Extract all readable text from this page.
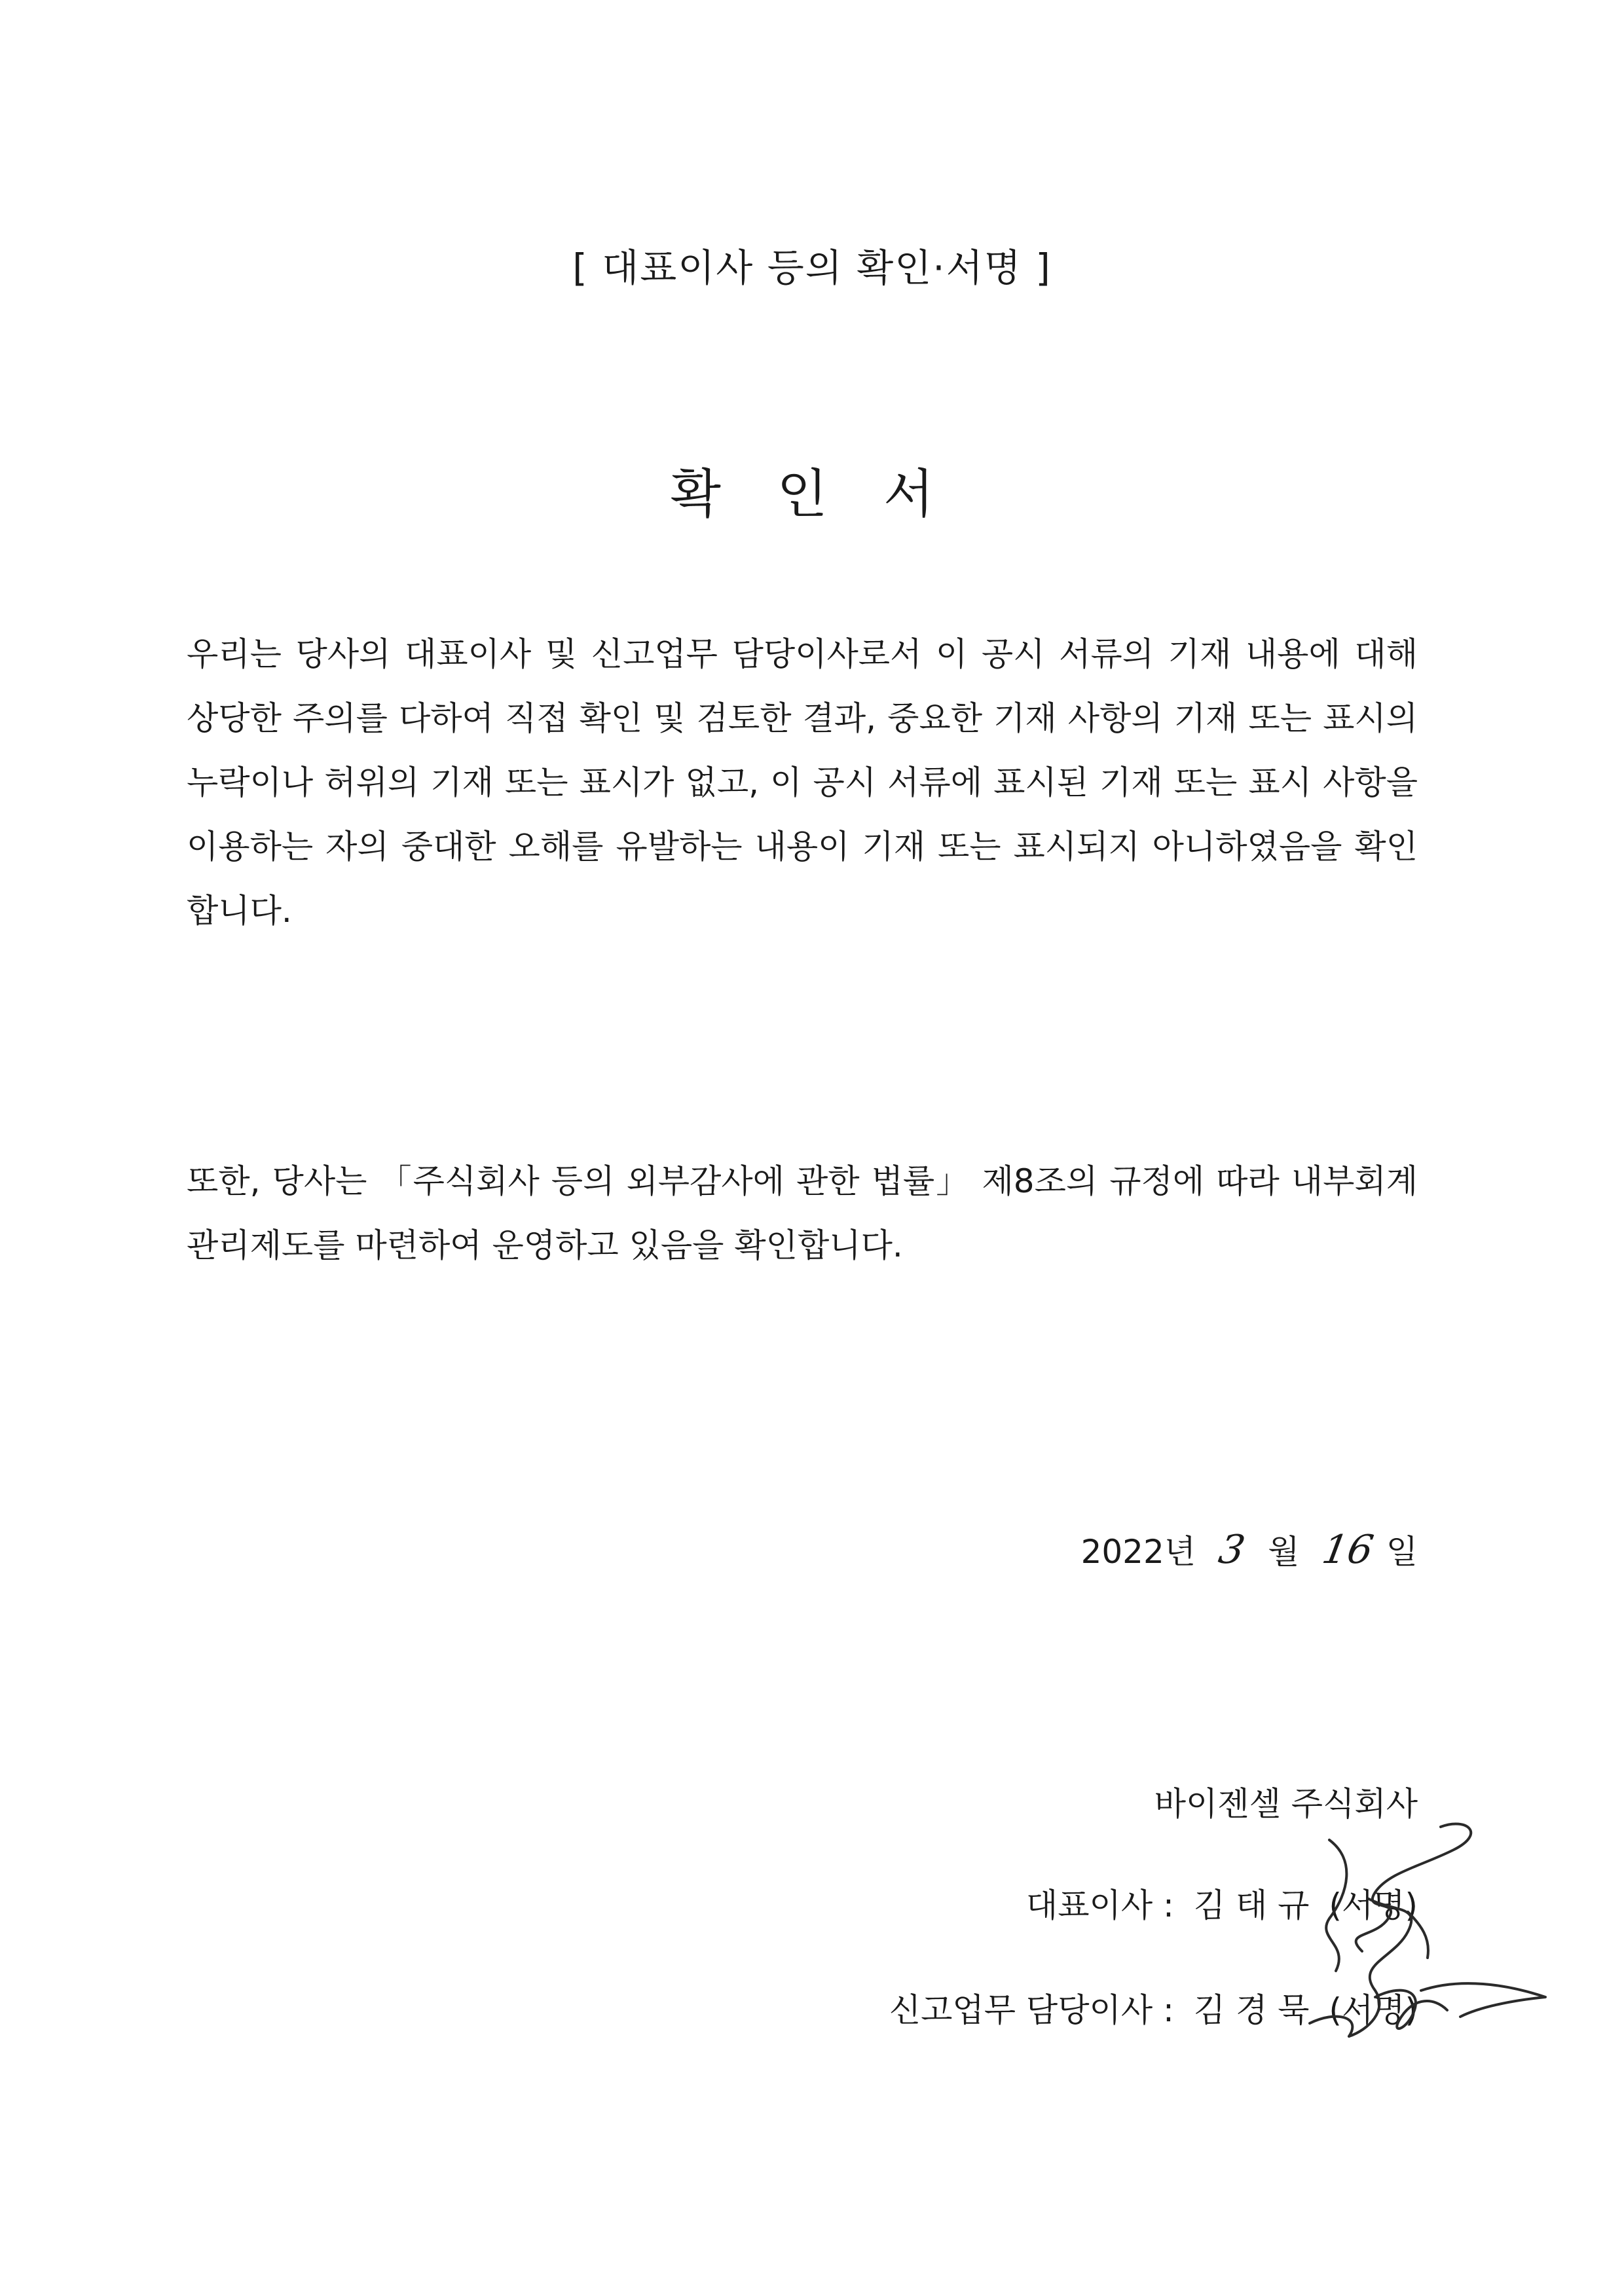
[ 대표이사 등의 확인·서명 ]
확 인 서
우리는 당사의 대표이사 및 신고업무 담당이사로서 이 공시 서류의 기재 내용에 대해 상당한 주의를 다하여 직접 확인 및 검토한 결과, 중요한 기재 사항의 기재 또는 표시의 누락이나 허위의 기재 또는 표시가 없고, 이 공시 서류에 표시된 기재 또는 표시 사항을 이용하는 자의 중대한 오해를 유발하는 내용이 기재 또는 표시되지 아니하였음을 확인합니다.
또한, 당사는 「주식회사 등의 외부감사에 관한 법률」 제8조의 규정에 따라 내부회계관리제도를 마련하여 운영하고 있음을 확인합니다.
2022년 3 월 16 일
바이젠셀 주식회사
대표이사 : 김 태 규 (서명)
신고업무 담당이사 : 김 경 묵 (서명)
